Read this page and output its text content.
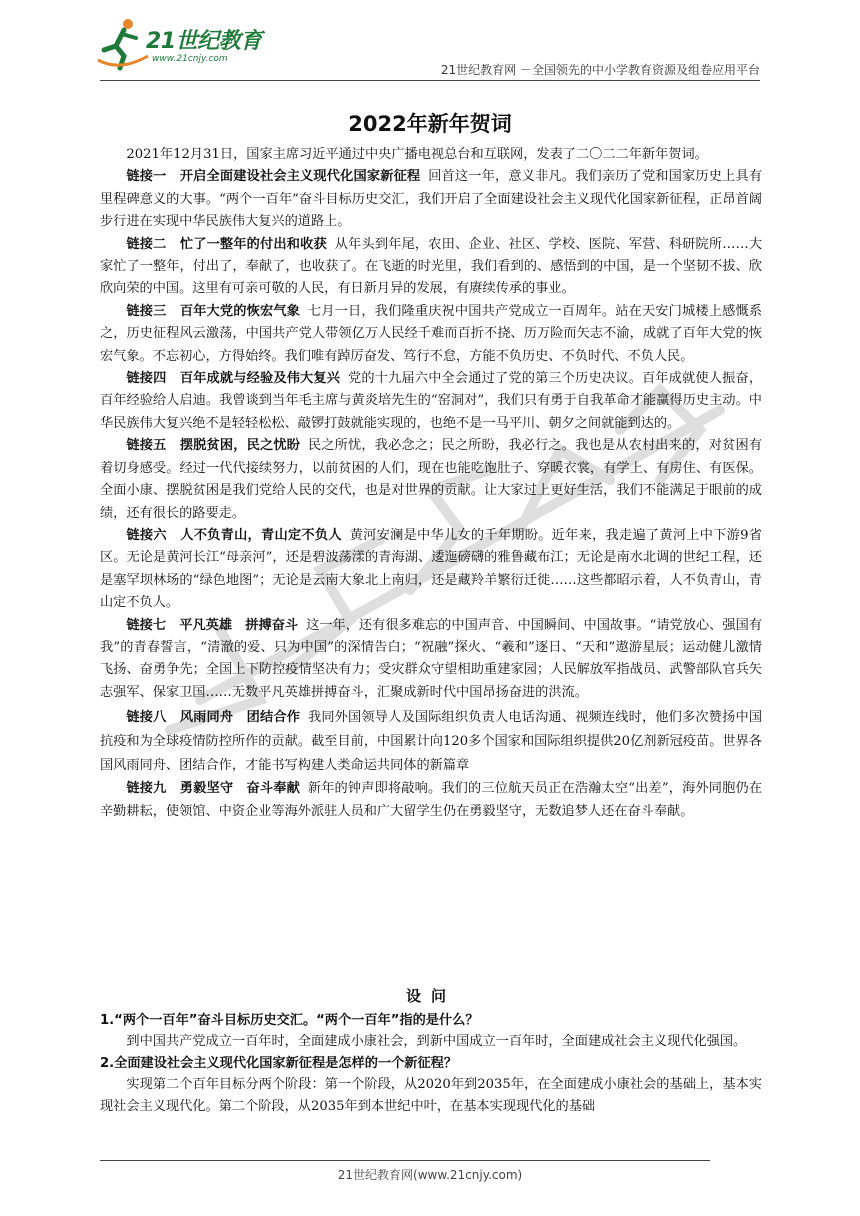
21世纪教育
www.21cnjy.com
21世纪教育网 －全国领先的中小学教育资源及组卷应用平台
2022年新年贺词

2021年12月31日，国家主席习近平通过中央广播电视总台和互联网，发表了二〇二二年新年贺词。

链接一　开启全面建设社会主义现代化国家新征程 回首这一年，意义非凡。我们亲历了党和国家历史上具有里程碑意义的大事。“两个一百年”奋斗目标历史交汇，我们开启了全面建设社会主义现代化国家新征程，正昂首阔步行进在实现中华民族伟大复兴的道路上。

链接二　忙了一整年的付出和收获 从年头到年尾，农田、企业、社区、学校、医院、军营、科研院所……大家忙了一整年，付出了，奉献了，也收获了。在飞逝的时光里，我们看到的、感悟到的中国，是一个坚韧不拔、欣欣向荣的中国。这里有可亲可敬的人民，有日新月异的发展，有赓续传承的事业。

链接三　百年大党的恢宏气象 七月一日，我们隆重庆祝中国共产党成立一百周年。站在天安门城楼上感慨系之，历史征程风云激荡，中国共产党人带领亿万人民经千难而百折不挠、历万险而矢志不渝，成就了百年大党的恢宏气象。不忘初心，方得始终。我们唯有踔厉奋发、笃行不怠，方能不负历史、不负时代、不负人民。

链接四　百年成就与经验及伟大复兴 党的十九届六中全会通过了党的第三个历史决议。百年成就使人振奋，百年经验给人启迪。我曾谈到当年毛主席与黄炎培先生的“窑洞对”，我们只有勇于自我革命才能赢得历史主动。中华民族伟大复兴绝不是轻轻松松、敲锣打鼓就能实现的，也绝不是一马平川、朝夕之间就能到达的。

链接五　摆脱贫困，民之忧盼 民之所忧，我必念之；民之所盼，我必行之。我也是从农村出来的，对贫困有着切身感受。经过一代代接续努力，以前贫困的人们，现在也能吃饱肚子、穿暖衣裳，有学上、有房住、有医保。全面小康、摆脱贫困是我们党给人民的交代，也是对世界的贡献。让大家过上更好生活，我们不能满足于眼前的成绩，还有很长的路要走。

链接六　人不负青山，青山定不负人 黄河安澜是中华儿女的千年期盼。近年来，我走遍了黄河上中下游9省区。无论是黄河长江“母亲河”，还是碧波荡漾的青海湖、逶迤磅礴的雅鲁藏布江；无论是南水北调的世纪工程，还是塞罕坝林场的“绿色地图”；无论是云南大象北上南归，还是藏羚羊繁衍迁徙……这些都昭示着，人不负青山，青山定不负人。

链接七　平凡英雄　拼搏奋斗 这一年，还有很多难忘的中国声音、中国瞬间、中国故事。“请党放心、强国有我”的青春誓言，“清澈的爱、只为中国”的深情告白；“祝融”探火、“羲和”逐日、“天和”遨游星辰；运动健儿激情飞扬、奋勇争先；全国上下防控疫情坚决有力；受灾群众守望相助重建家园；人民解放军指战员、武警部队官兵矢志强军、保家卫国……无数平凡英雄拼搏奋斗，汇聚成新时代中国昂扬奋进的洪流。

链接八　风雨同舟　团结合作 我同外国领导人及国际组织负责人电话沟通、视频连线时，他们多次赞扬中国抗疫和为全球疫情防控所作的贡献。截至目前，中国累计向120多个国家和国际组织提供20亿剂新冠疫苗。世界各国风雨同舟、团结合作，才能书写构建人类命运共同体的新篇章

链接九　勇毅坚守　奋斗奉献 新年的钟声即将敲响。我们的三位航天员正在浩瀚太空“出差”，海外同胞仍在辛勤耕耘，使领馆、中资企业等海外派驻人员和广大留学生仍在勇毅坚守，无数追梦人还在奋斗奉献。

设问

1.“两个一百年”奋斗目标历史交汇。“两个一百年”指的是什么？

到中国共产党成立一百年时，全面建成小康社会，到新中国成立一百年时，全面建成社会主义现代化强国。

2.全面建设社会主义现代化国家新征程是怎样的一个新征程？

实现第二个百年目标分两个阶段：第一个阶段，从2020年到2035年，在全面建成小康社会的基础上，基本实现社会主义现代化。第二个阶段，从2035年到本世纪中叶，在基本实现现代化的基础

21世纪教育网(www.21cnjy.com)
